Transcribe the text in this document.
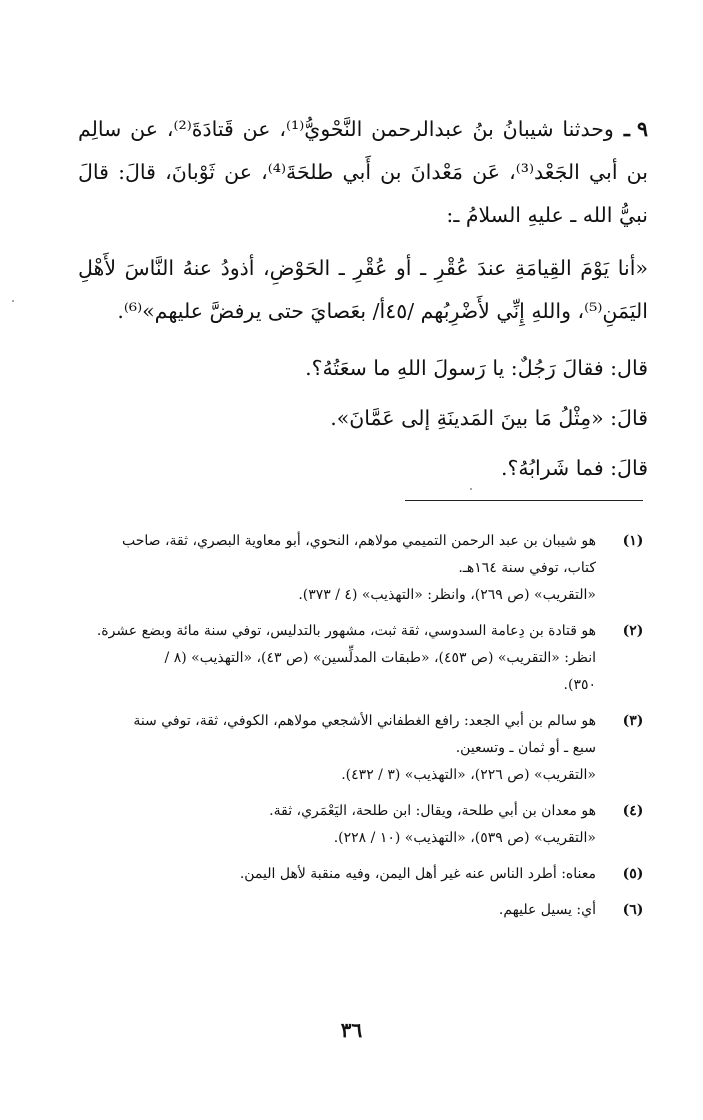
٩ ـوحدثنا شيبانُ بنُ عبدالرحمن النَّحْويُّ⁽¹⁾، عن قَتادَةَ⁽²⁾، عن سالِم بن أبي الجَعْد⁽³⁾، عَن مَعْدانَ بن أَبي طلحَةَ⁽⁴⁾، عن ثَوْبانَ، قالَ: قالَ نبيُّ الله ـ عليهِ السلامُ ـ:

«أنا يَوْمَ القِيامَةِ عندَ عُقْرِ ـ أو عُقْرِ ـ الحَوْضِ، أذودُ عنهُ النَّاسَ لأَهْلِ اليَمَنِ⁽⁵⁾، واللهِ إِنِّي لأَضْرِبُهم /٤٥أ/ بعَصايَ حتى يرفضَّ عليهم»⁽⁶⁾.

قال: فقالَ رَجُلٌ: يا رَسولَ اللهِ ما سعَتُهُ؟.

قالَ: «مِثْلُ مَا بينَ المَدينَةِ إلى عَمَّانَ».

قالَ: فما شَرابُهُ؟.

(١)
هو شيبان بن عبد الرحمن التميمي مولاهم، النحوي، أبو معاوية البصري، ثقة، صاحب
كتاب، توفي سنة ١٦٤هـ.
«التقريب» (ص ٢٦٩)، وانظر: «التهذيب» (٤ / ٣٧٣).
(٢)
هو قتادة بن دِعامة السدوسي، ثقة ثبت، مشهور بالتدليس، توفي سنة مائة وبضع عشرة.
انظر: «التقريب» (ص ٤٥٣)، «طبقات المدلِّسين» (ص ٤٣)، «التهذيب» (٨ /
٣٥٠).
(٣)
هو سالم بن أبي الجعد: رافع الغطفاني الأشجعي مولاهم، الكوفي، ثقة، توفي سنة
سبع ـ أو ثمان ـ وتسعين.
«التقريب» (ص ٢٢٦)، «التهذيب» (٣ / ٤٣٢).
(٤)
هو معدان بن أبي طلحة، ويقال: ابن طلحة، اليَعْمَري، ثقة.
«التقريب» (ص ٥٣٩)، «التهذيب» (١٠ / ٢٢٨).
(٥)
معناه: أطرد الناس عنه غير أهل اليمن، وفيه منقبة لأهل اليمن.
(٦)
أي: يسيل عليهم.
٣٦
